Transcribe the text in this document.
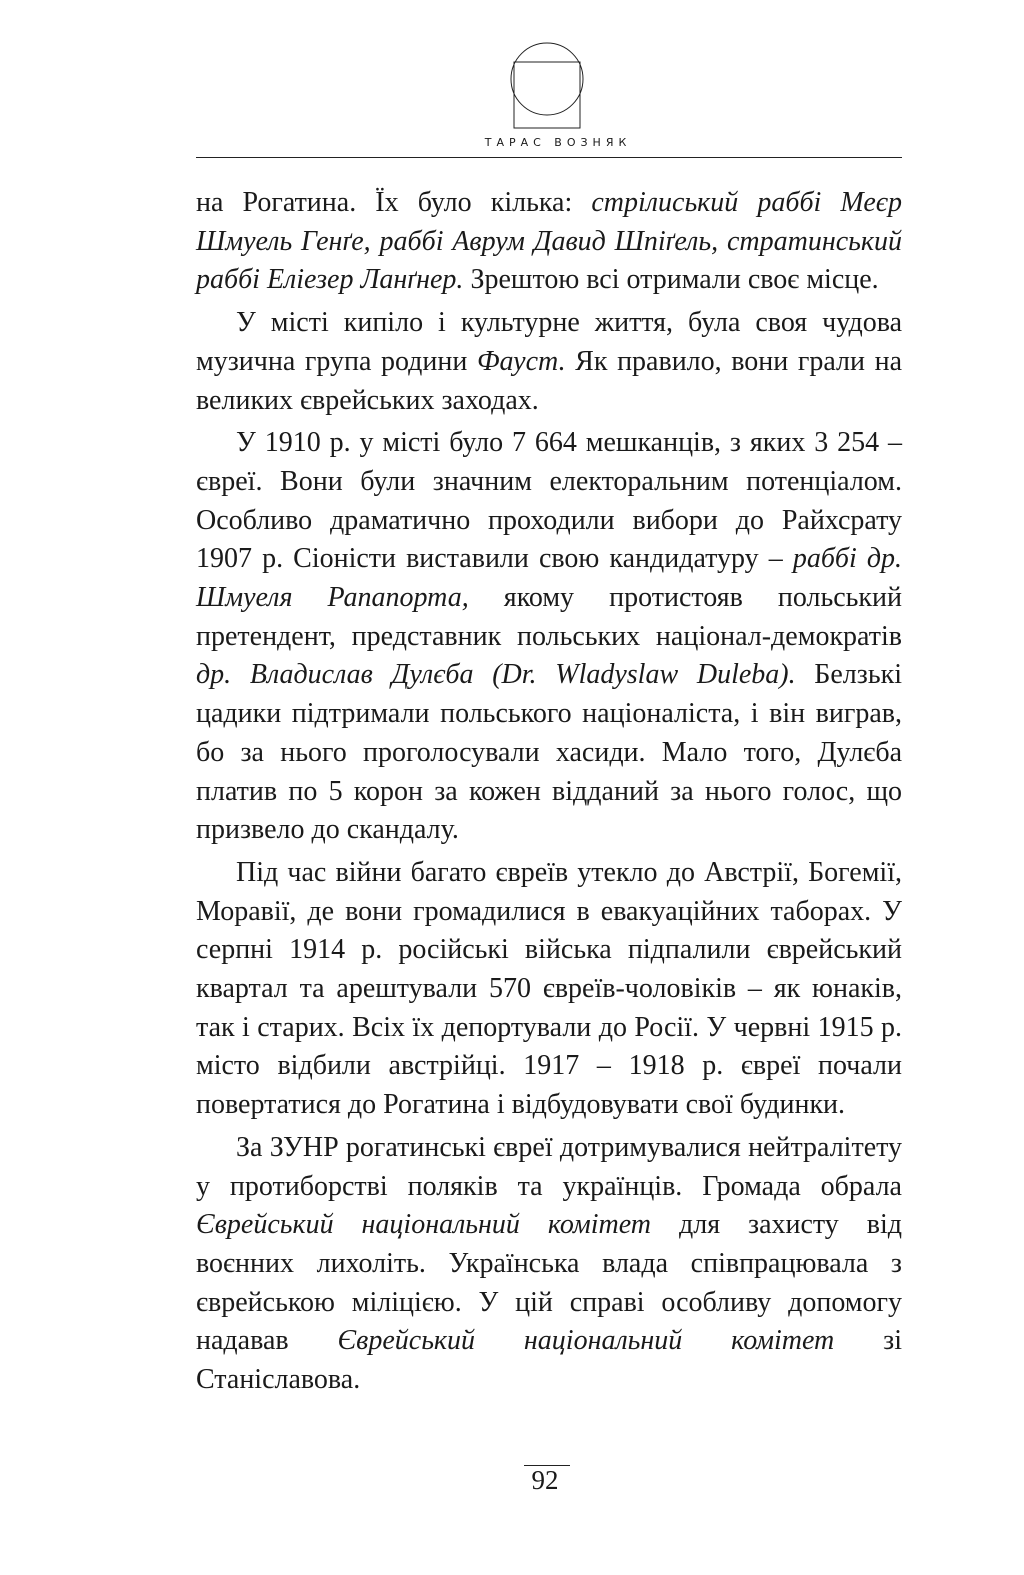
ТАРАС ВОЗНЯК

на Рогатина. Їх було кілька: стрілиський раббі Меєр Шмуель Генґе, раббі Аврум Давид Шпіґель, стратинський раббі Еліезер Ланґнер. Зрештою всі отримали своє місце.

У місті кипіло і культурне життя, була своя чудова музична група родини Фауст. Як правило, вони грали на великих єврейських заходах.

У 1910 р. у місті було 7 664 мешканців, з яких 3 254 – євреї. Вони були значним електоральним потенціалом. Особливо драматично проходили вибори до Райхсрату 1907 р. Сіоністи виставили свою кандидатуру – раббі др. Шмуеля Рапапорта, якому протистояв польський претендент, представник польських націонал-демократів др. Владислав Дулєба (Dr. Wladyslaw Duleba). Белзькі цадики підтримали польського націоналіста, і він виграв, бо за нього проголосували хасиди. Мало того, Дулєба платив по 5 корон за кожен відданий за нього голос, що призвело до скандалу.

Під час війни багато євреїв утекло до Австрії, Богемії, Моравії, де вони громадилися в евакуаційних таборах. У серпні 1914 р. російські війська підпалили єврейський квартал та арештували 570 євреїв-чоловіків – як юнаків, так і старих. Всіх їх депортували до Росії. У червні 1915 р. місто відбили австрійці. 1917 – 1918 р. євреї почали повертатися до Рогатина і відбудовувати свої будинки.

За ЗУНР рогатинські євреї дотримувалися нейтралітету у протиборстві поляків та українців. Громада обрала Єврейський національний комітет для захисту від воєнних лихоліть. Українська влада співпрацювала з єврейською міліцією. У цій справі особливу допомогу надавав Єврейський національний комітет зі Станіславова.

92
